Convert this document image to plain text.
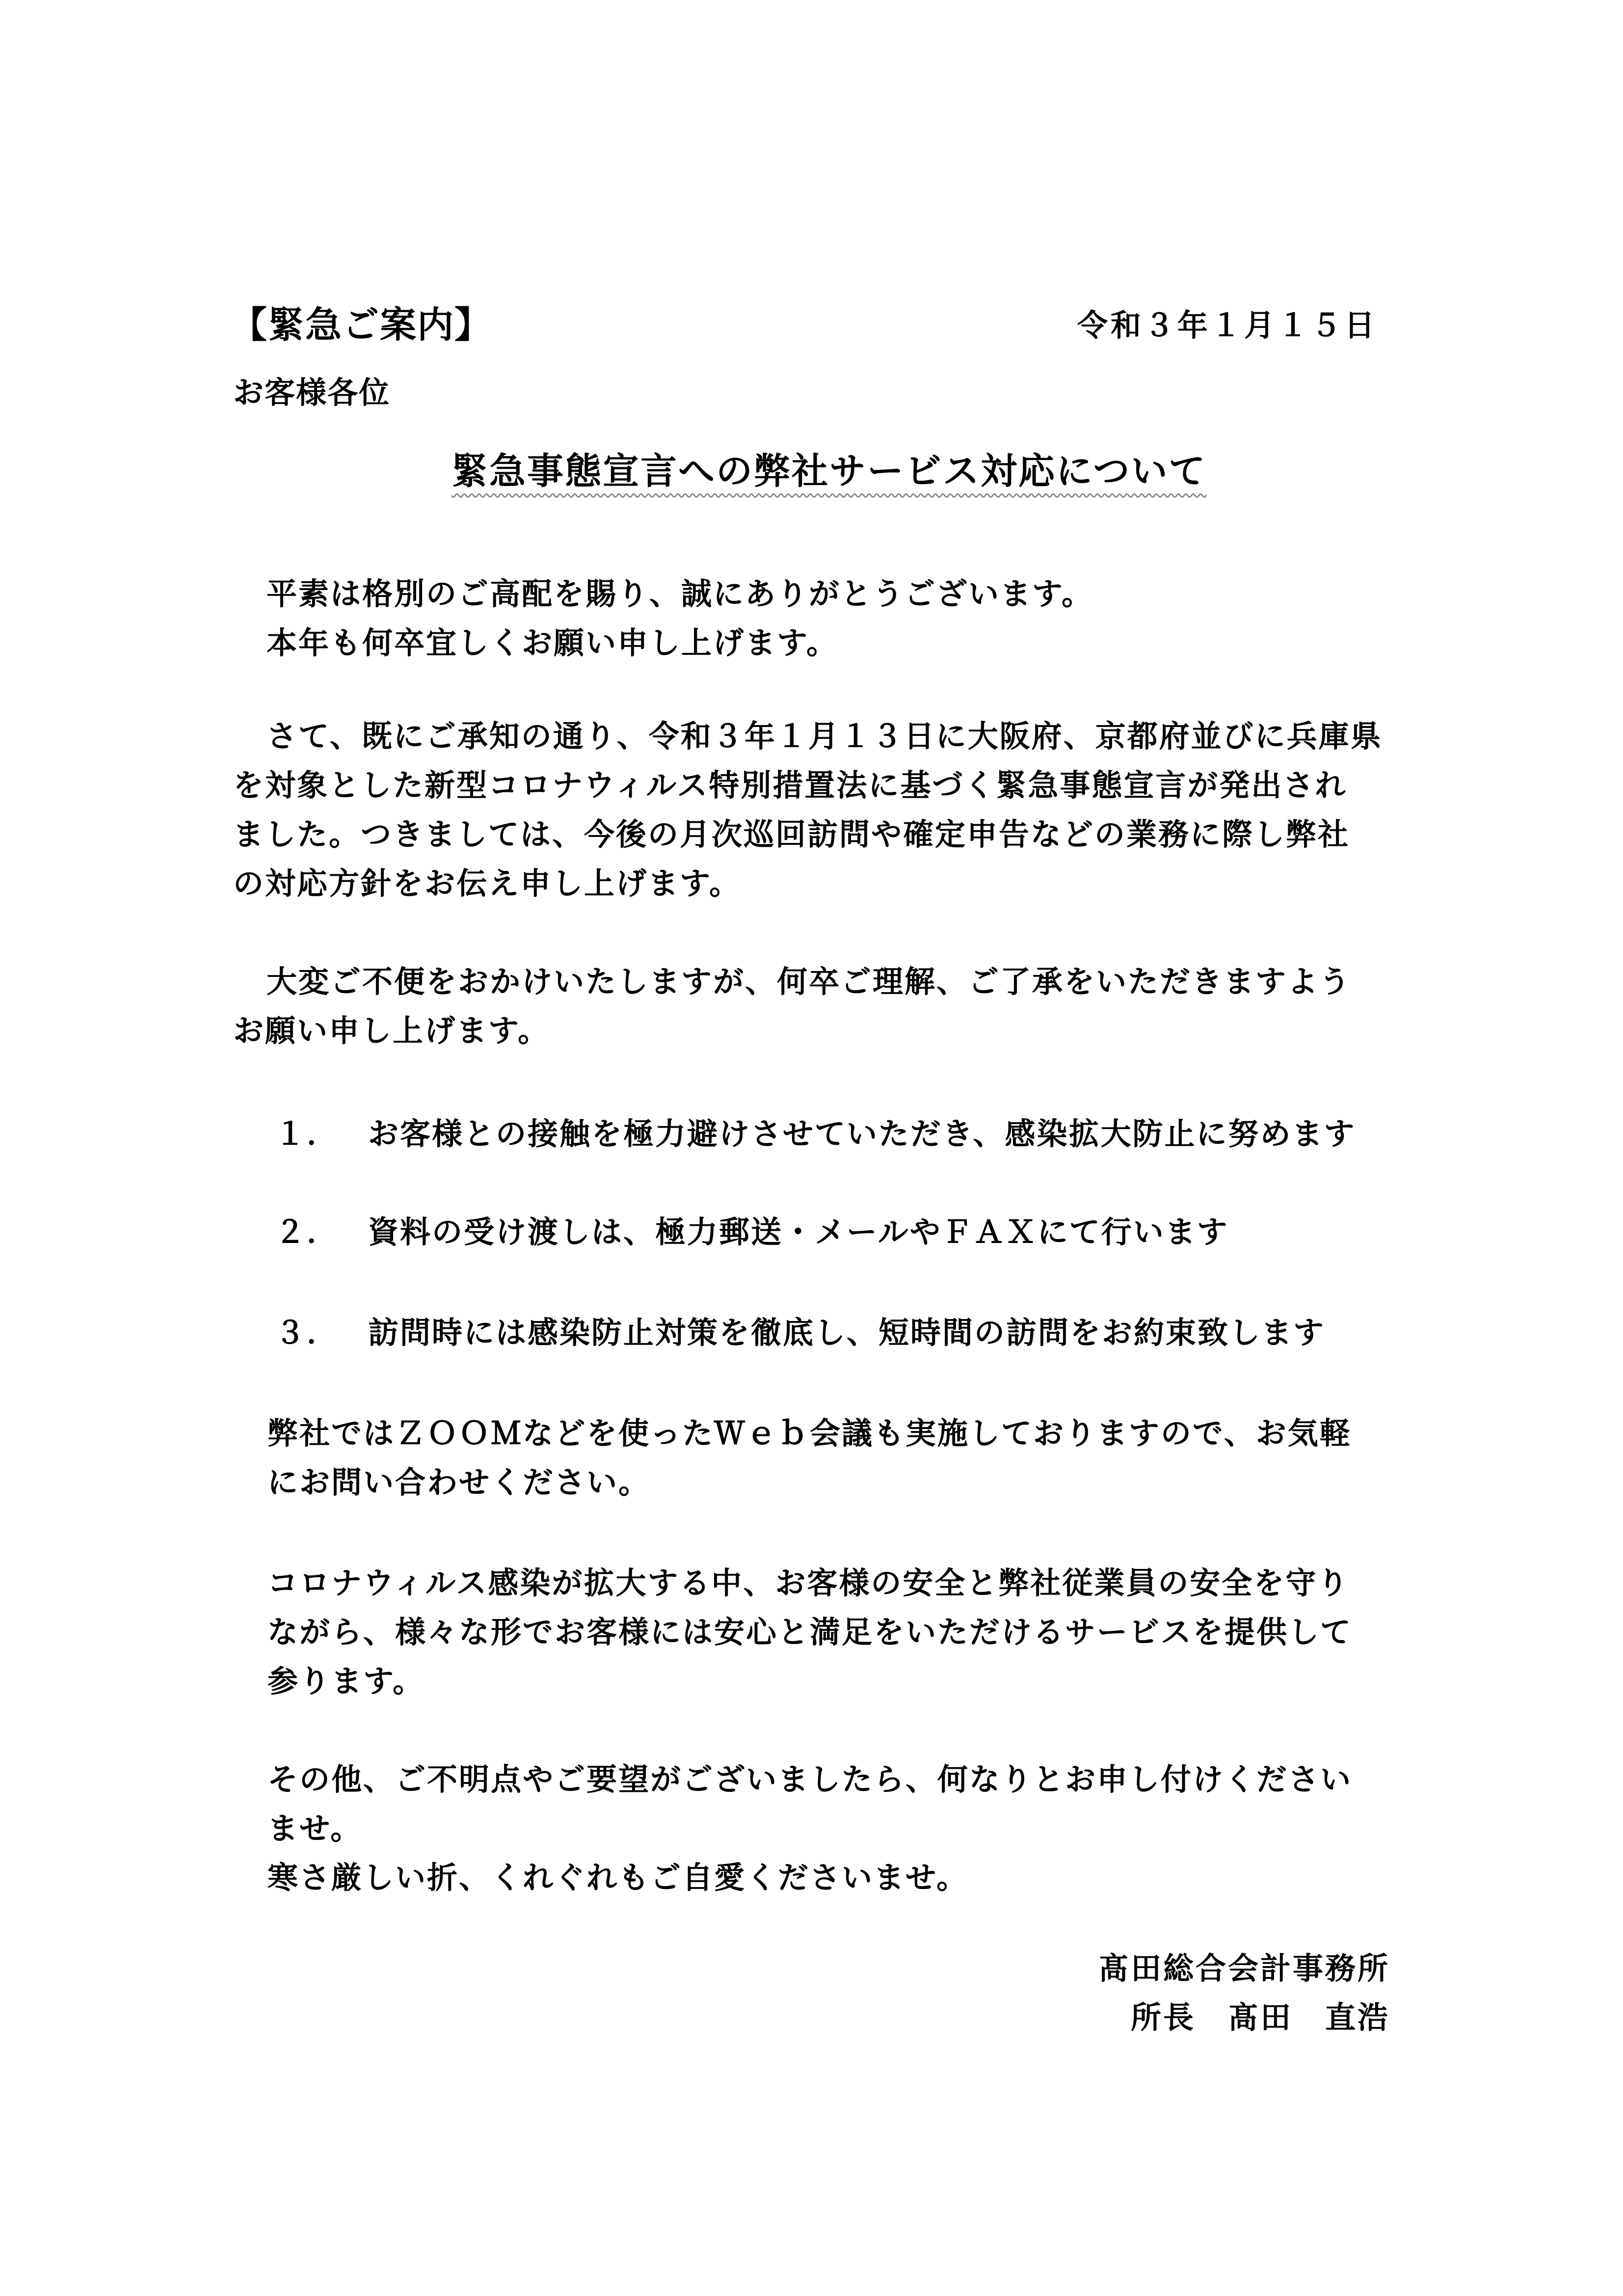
【緊急ご案内】	令和３年１月１５日
お客様各位
緊急事態宣言への弊社サービス対応について

平素は格別のご高配を賜り、誠にありがとうございます。

本年も何卒宜しくお願い申し上げます。

さて、既にご承知の通り、令和３年１月１３日に大阪府、京都府並びに兵庫県

を対象とした新型コロナウィルス特別措置法に基づく緊急事態宣言が発出され

ました。つきましては、今後の月次巡回訪問や確定申告などの業務に際し弊社

の対応方針をお伝え申し上げます。

大変ご不便をおかけいたしますが、何卒ご理解、ご了承をいただきますよう

お願い申し上げます。

１． お客様との接触を極力避けさせていただき、感染拡大防止に努めます
２． 資料の受け渡しは、極力郵送・メールやＦＡＸにて行います
３． 訪問時には感染防止対策を徹底し、短時間の訪問をお約束致します

弊社ではＺＯＯＭなどを使ったＷｅｂ会議も実施しておりますので、お気軽

にお問い合わせください。

コロナウィルス感染が拡大する中、お客様の安全と弊社従業員の安全を守り

ながら、様々な形でお客様には安心と満足をいただけるサービスを提供して

参ります。

その他、ご不明点やご要望がございましたら、何なりとお申し付けください

ませ。

寒さ厳しい折、くれぐれもご自愛くださいませ。

髙田総合会計事務所
所長　髙田　直浩
